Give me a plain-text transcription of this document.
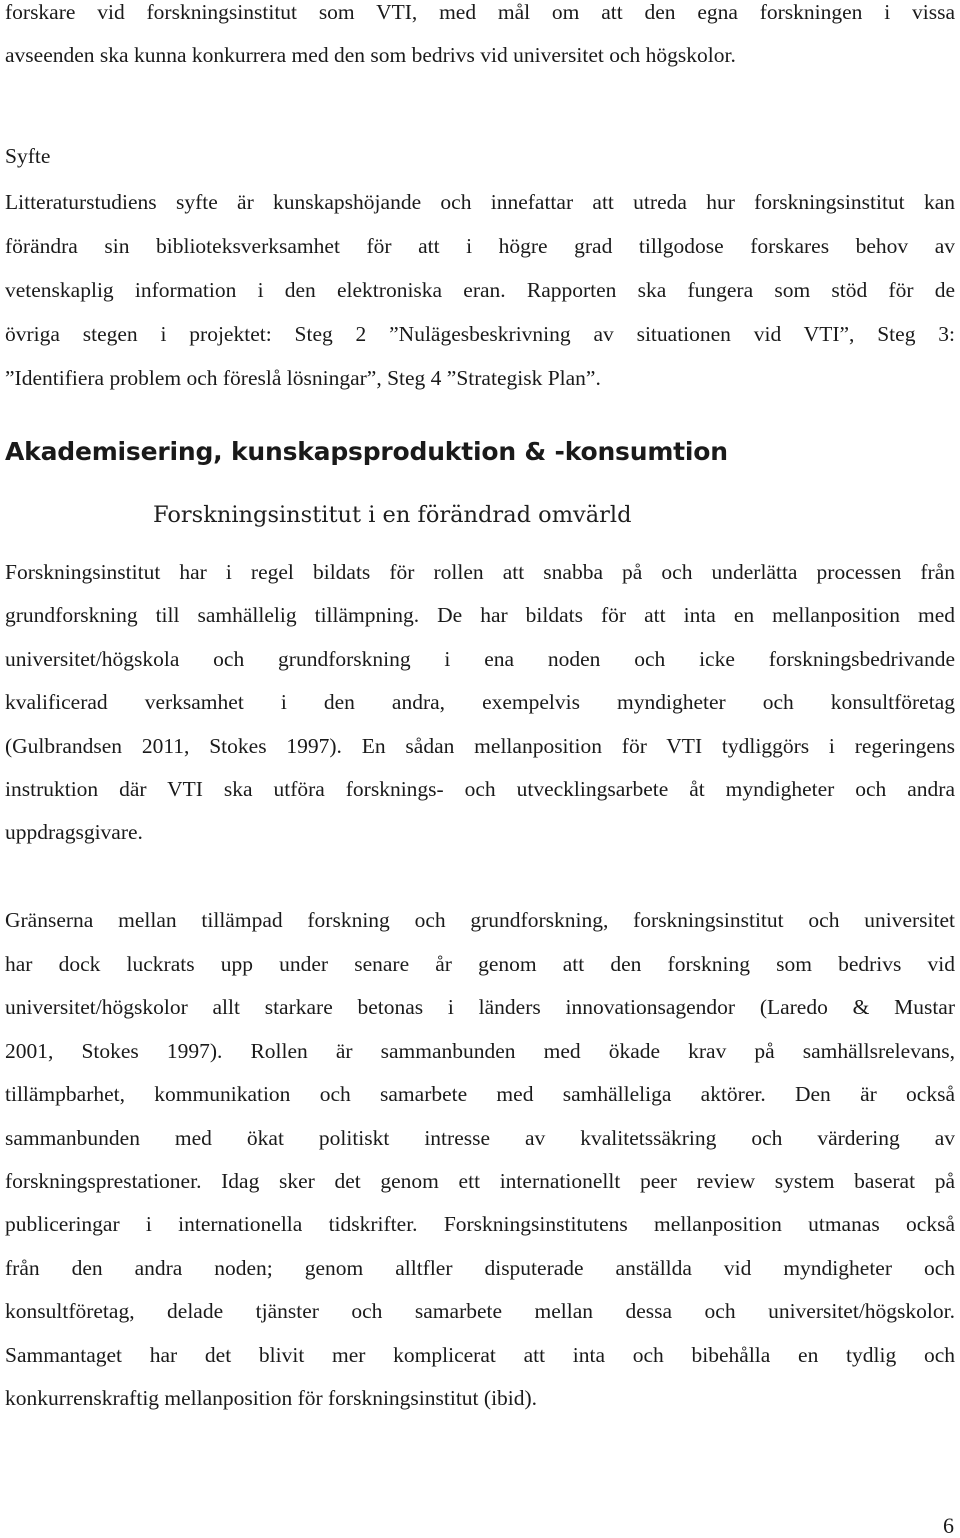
forskare vid forskningsinstitut som VTI, med mål om att den egna forskningen i vissa
avseenden ska kunna konkurrera med den som bedrivs vid universitet och högskolor.
Syfte
Litteraturstudiens syfte är kunskapshöjande och innefattar att utreda hur forskningsinstitut kan
förändra sin biblioteksverksamhet för att i högre grad tillgodose forskares behov av
vetenskaplig information i den elektroniska eran. Rapporten ska fungera som stöd för de
övriga stegen i projektet: Steg 2 ”Nulägesbeskrivning av situationen vid VTI”, Steg 3:
”Identifiera problem och föreslå lösningar”, Steg 4 ”Strategisk Plan”.
Akademisering, kunskapsproduktion & -konsumtion
Forskningsinstitut i en förändrad omvärld
Forskningsinstitut har i regel bildats för rollen att snabba på och underlätta processen från
grundforskning till samhällelig tillämpning. De har bildats för att inta en mellanposition med
universitet/högskola och grundforskning i ena noden och icke forskningsbedrivande
kvalificerad verksamhet i den andra, exempelvis myndigheter och konsultföretag
(Gulbrandsen 2011, Stokes 1997). En sådan mellanposition för VTI tydliggörs i regeringens
instruktion där VTI ska utföra forsknings- och utvecklingsarbete åt myndigheter och andra
uppdragsgivare.
Gränserna mellan tillämpad forskning och grundforskning, forskningsinstitut och universitet
har dock luckrats upp under senare år genom att den forskning som bedrivs vid
universitet/högskolor allt starkare betonas i länders innovationsagendor (Laredo & Mustar
2001, Stokes 1997). Rollen är sammanbunden med ökade krav på samhällsrelevans,
tillämpbarhet, kommunikation och samarbete med samhälleliga aktörer. Den är också
sammanbunden med ökat politiskt intresse av kvalitetssäkring och värdering av
forskningsprestationer. Idag sker det genom ett internationellt peer review system baserat på
publiceringar i internationella tidskrifter. Forskningsinstitutens mellanposition utmanas också
från den andra noden; genom alltfler disputerade anställda vid myndigheter och
konsultföretag, delade tjänster och samarbete mellan dessa och universitet/högskolor.
Sammantaget har det blivit mer komplicerat att inta och bibehålla en tydlig och
konkurrenskraftig mellanposition för forskningsinstitut (ibid).
6
